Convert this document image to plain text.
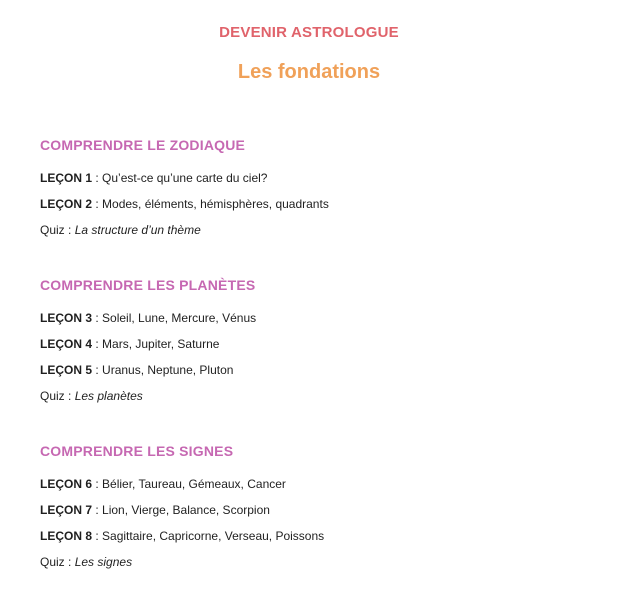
DEVENIR ASTROLOGUE
Les fondations
COMPRENDRE LE ZODIAQUE
LEÇON 1 : Qu’est-ce qu’une carte du ciel?
LEÇON 2 : Modes, éléments, hémisphères, quadrants
Quiz : La structure d’un thème
COMPRENDRE LES PLANÈTES
LEÇON 3 : Soleil, Lune, Mercure, Vénus
LEÇON 4 : Mars, Jupiter, Saturne
LEÇON 5 : Uranus, Neptune, Pluton
Quiz : Les planètes
COMPRENDRE LES SIGNES
LEÇON 6 : Bélier, Taureau, Gémeaux, Cancer
LEÇON 7 : Lion, Vierge, Balance, Scorpion
LEÇON 8 : Sagittaire, Capricorne, Verseau, Poissons
Quiz : Les signes
